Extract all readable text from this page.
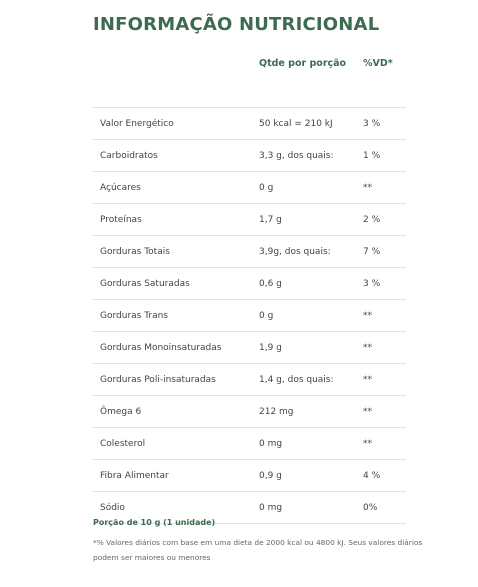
INFORMAÇÃO NUTRICIONAL
	Qtde por porção	%VD*

Valor Energético	50 kcal = 210 kJ	3 %
Carboidratos	3,3 g, dos quais:	1 %
Açúcares	0 g	**
Proteínas	1,7 g	2 %
Gorduras Totais	3,9g, dos quais:	7 %
Gorduras Saturadas	0,6 g	3 %
Gorduras Trans	0 g	**
Gorduras Monoinsaturadas	1,9 g	**
Gorduras Poli-insaturadas	1,4 g, dos quais:	**
Ômega 6	212 mg	**
Colesterol	0 mg	**
Fibra Alimentar	0,9 g	4 %
Sódio	0 mg	0%

Porção de 10 g (1 unidade)

*% Valores diários com base em uma dieta de 2000 kcal ou 4800 kJ. Seus valores diários podem ser maiores ou menores
